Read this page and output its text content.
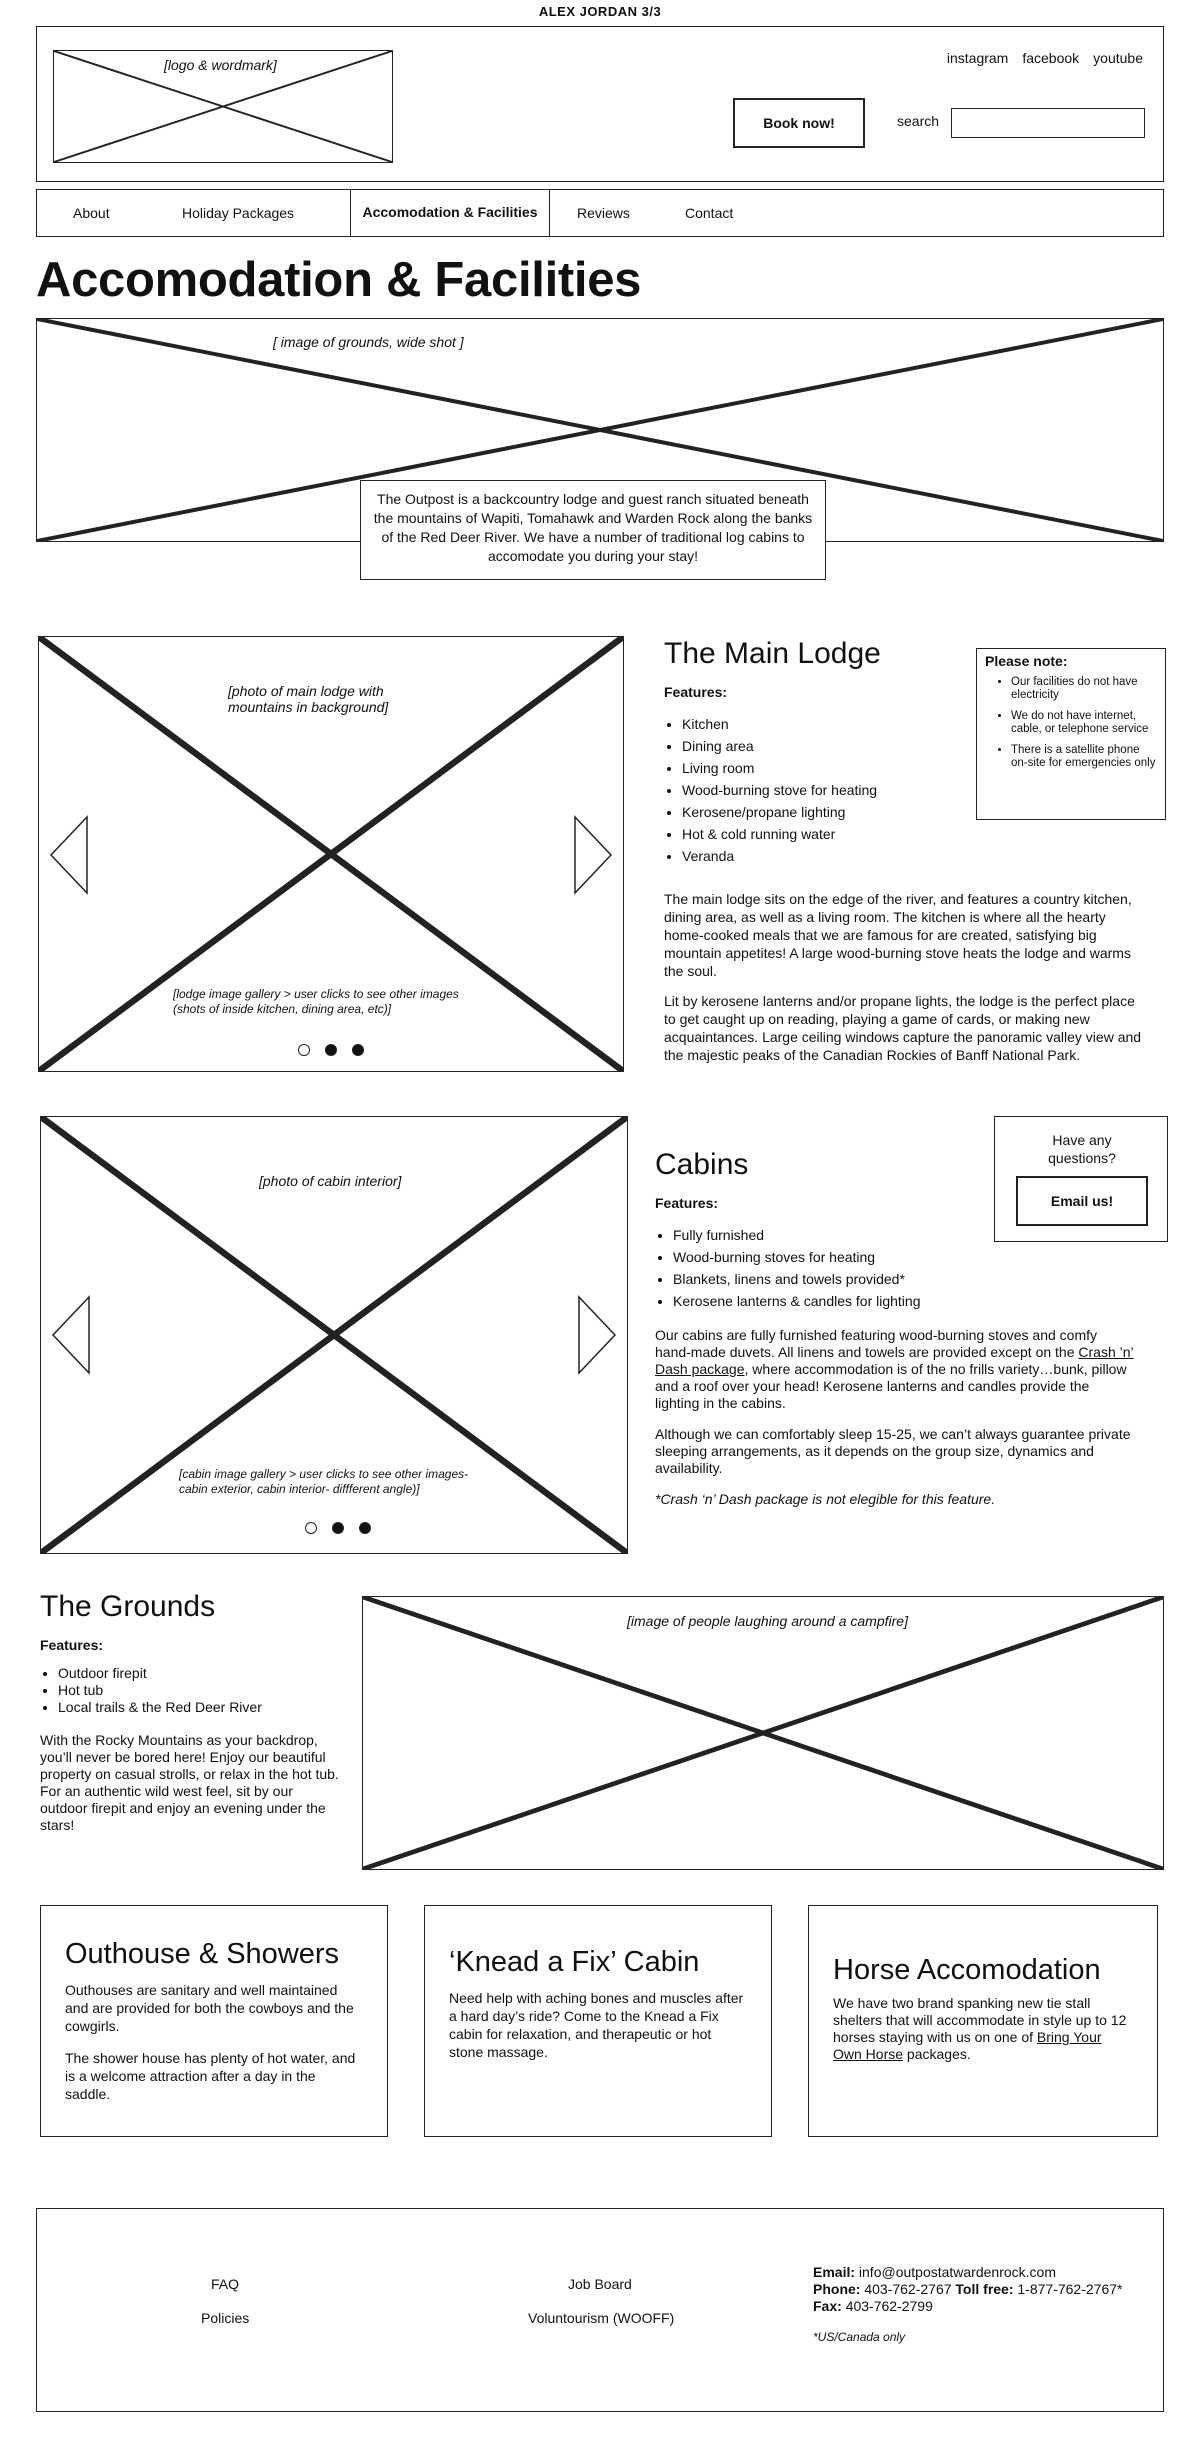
ALEX JORDAN 3/3
[logo & wordmark]	instagram facebook youtube
Book now!	search
About	Holiday Packages	Accomodation & Facilities	Reviews	Contact
Accomodation & Facilities
[ image of grounds, wide shot ]

The Outpost is a backcountry lodge and guest ranch situated beneath the mountains of Wapiti, Tomahawk and Warden Rock along the banks of the Red Deer River. We have a number of traditional log cabins to accomodate you during your stay!

[photo of main lodge with mountains in background]
[lodge image gallery > user clicks to see other images (shots of inside kitchen, dining area, etc)]
The Main Lodge
Features:
• Kitchen
• Dining area
• Living room
• Wood-burning stove for heating
• Kerosene/propane lighting
• Hot & cold running water
• Veranda

The main lodge sits on the edge of the river, and features a country kitchen, dining area, as well as a living room. The kitchen is where all the hearty home-cooked meals that we are famous for are created, satisfying big mountain appetites! A large wood-burning stove heats the lodge and warms the soul.

Lit by kerosene lanterns and/or propane lights, the lodge is the perfect place to get caught up on reading, playing a game of cards, or making new acquaintances. Large ceiling windows capture the panoramic valley view and the majestic peaks of the Canadian Rockies of Banff National Park.

Please note:
• Our facilities do not have electricity
• We do not have internet, cable, or telephone service
• There is a satellite phone on-site for emergencies only
[photo of cabin interior]
[cabin image gallery > user clicks to see other images- cabin exterior, cabin interior- diffferent angle)]
Cabins
Features:
• Fully furnished
• Wood-burning stoves for heating
• Blankets, linens and towels provided*
• Kerosene lanterns & candles for lighting

Our cabins are fully furnished featuring wood-burning stoves and comfy hand-made duvets. All linens and towels are provided except on the Crash ’n’ Dash package, where accommodation is of the no frills variety…bunk, pillow and a roof over your head! Kerosene lanterns and candles provide the lighting in the cabins.

Although we can comfortably sleep 15-25, we can’t always guarantee private sleeping arrangements, as it depends on the group size, dynamics and availability.

*Crash ‘n’ Dash package is not elegible for this feature.

Have any questions?
Email us!
The Grounds
Features:
• Outdoor firepit
• Hot tub
• Local trails & the Red Deer River

With the Rocky Mountains as your backdrop, you’ll never be bored here! Enjoy our beautiful property on casual strolls, or relax in the hot tub. For an authentic wild west feel, sit by our outdoor firepit and enjoy an evening under the stars!

[image of people laughing around a campfire]
Outhouse & Showers

Outhouses are sanitary and well maintained and are provided for both the cowboys and the cowgirls.

The shower house has plenty of hot water, and is a welcome attraction after a day in the saddle.

‘Knead a Fix’ Cabin

Need help with aching bones and muscles after a hard day’s ride? Come to the Knead a Fix cabin for relaxation, and therapeutic or hot stone massage.

Horse Accomodation

We have two brand spanking new tie stall shelters that will accommodate in style up to 12 horses staying with us on one of Bring Your Own Horse packages.

FAQ
Policies
Job Board
Voluntourism (WOOFF)
Email: info@outpostatwardenrock.com
Phone: 403-762-2767 Toll free: 1-877-762-2767*
Fax: 403-762-2799
*US/Canada only
